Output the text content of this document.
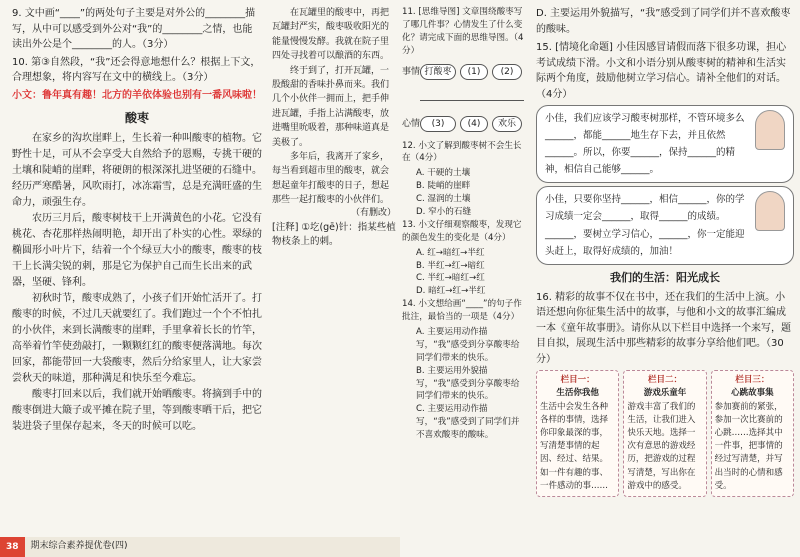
9. 文中画“____”的两处句子主要是对外公的________描写，从中可以感受到外公对“我”的________之情，也能读出外公是个________的人。（3分）
10. 第③自然段，“我”还会得意地想什么？根据上下文，合理想象，将内容写在文中的横线上。（3分）
小文：鲁年真有趣！北方的羊依体验也别有一番风味啦！
酸枣

在家乡的沟坎崖畔上，生长着一种叫酸枣的植物。它野性十足，可从不会享受大自然给予的恩赐，专挑干硬的土壤和陡峭的崖畔，将硬朗的根深深扎进坚硬的石缝中。经历严寒酷暑，风吹雨打，冰冻霜雪，总是充满旺盛的生命力，顽强生存。

农历三月后，酸枣树枝干上开满黄色的小花。它没有桃花、杏花那样热闹明艳，却开出了朴实的心性。翠绿的椭圆形小叶片下，结着一个个绿豆大小的酸枣，酸枣的枝干上长满尖锐的刺，那是它为保护自己而生长出来的武器，坚硬、锋利。

初秋时节，酸枣成熟了，小孩子们开始忙活开了。打酸枣的时候，不过几天就要红了。我们跑过一个个不怕扎的小伙伴，来到长满酸枣的崖畔，手里拿着长长的竹竿，高举着竹竿使劲敲打，一颗颗红红的酸枣便落满地。每次回家，都能带回一大袋酸枣，然后分给家里人，让大家尝尝秋天的味道，那种满足和快乐至今难忘。

酸枣打回来以后，我们就开始晒酸枣。将摘到手中的酸枣倒进大簸子或平摊在院子里，等到酸枣晒干后，把它装进袋子里保存起来，冬天的时候可以吃。

在瓦罐里的酸枣中，再把瓦罐封严实，酸枣吸收阳光的能量慢慢发酵。我就在院子里四处寻找着可以酿酒的东西。

终于到了，打开瓦罐，一股酸甜的香味扑鼻而来。我们几个小伙伴一拥而上，把手伸进瓦罐，手指上沾满酸枣，放进嘴里吮吸着，那种味道真是美极了。

多年后，我离开了家乡，每当看到超市里的酸枣，就会想起童年打酸枣的日子，想起那些一起打酸枣的小伙伴们。

（有删改）
[注释] ①圪(gē)针：指某些植物枝条上的刺。
38	期末综合素养提优卷(四)
11. [思维导图] 文章围绕酸枣写了哪几件事？心情发生了什么变化？请完成下面的思维导图。（4分）
事情 打酸枣	(1)	(2)
心情	(3)	(4)	欢乐
12. 小文了解到酸枣树不会生长在（4分）
A. 干硬的土壤
B. 陡峭的崖畔
C. 湿润的土壤
D. 窄小的石缝
13. 小文仔细观察酸枣，发现它的颜色发生的变化是（4分）
A. 红→暗红→半红
B. 半红→红→暗红
C. 半红→暗红→红
D. 暗红→红→半红
14. 小文想给画“____”的句子作批注，最恰当的一项是（4分）
A. 主要运用动作描写，“我”感受到分享酸枣给同学们带来的快乐。
B. 主要运用外貌描写，“我”感受到分享酸枣给同学们带来的快乐。
C. 主要运用动作描写，“我”感受到了同学们并不喜欢酸枣的酸味。
D. 主要运用外貌描写，“我”感受到了同学们并不喜欢酸枣的酸味。
15. [情境化命题] 小佳因感冒请假而落下很多功课，担心考试成绩下滑。小文和小语分别从酸枣树的精神和生活实际两个角度，鼓励他树立学习信心。请补全他们的对话。（4分）
小佳，我们应该学习酸枣树那样，不管环境多么______，都能______地生存下去，并且依然______。所以，你要______，保持______的精神，相信自己能够______。
小佳，只要你坚持______，相信______，你的学习成绩一定会______，取得______的成绩。______，要树立学习信心，______，你一定能迎头赶上，取得好成绩的，加油！
我们的生活：阳光成长
16. 精彩的故事不仅在书中，还在我们的生活中上演。小语还想向你征集生活中的故事，与他和小文的故事汇编成一本《童年故事册》。请你从以下栏目中选择一个来写，题目自拟，展现生活中那些精彩的故事分享给他们吧。（30分）
栏目一：
生活你我他
生活中会发生各种各样的事情，选择你印象最深的事，写清楚事情的起因、经过、结果。如一件有趣的事、一件感动的事……
栏目二：
游戏乐童年
游戏丰富了我们的生活，让我们进入快乐天地。选择一次有意思的游戏经历，把游戏的过程写清楚，写出你在游戏中的感受。
栏目三：
心跳故事集
参加赛前的紧张，参加一次比赛前的心跳……选择其中一件事，把事情的经过写清楚，并写出当时的心情和感受。
